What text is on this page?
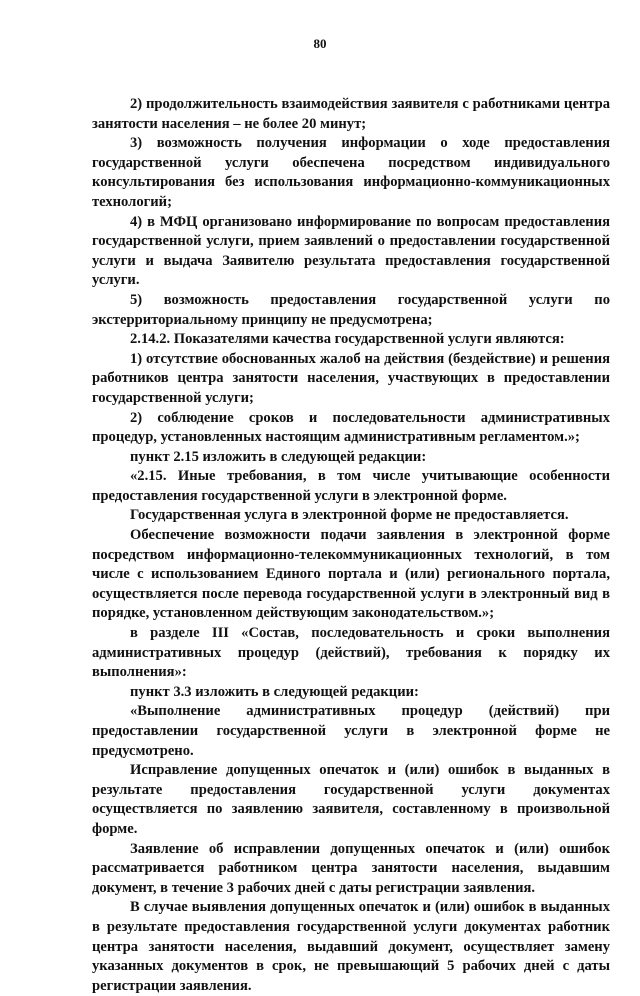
80

2) продолжительность взаимодействия заявителя с работниками центра занятости населения – не более 20 минут;

3) возможность получения информации о ходе предоставления государственной услуги обеспечена посредством индивидуального консультирования без использования информационно-коммуникационных технологий;

4) в МФЦ организовано информирование по вопросам предоставления государственной услуги, прием заявлений о предоставлении государственной услуги и выдача Заявителю результата предоставления государственной услуги.

5) возможность предоставления государственной услуги по экстерриториальному принципу не предусмотрена;

2.14.2. Показателями качества государственной услуги являются:

1) отсутствие обоснованных жалоб на действия (бездействие) и решения работников центра занятости населения, участвующих в предоставлении государственной услуги;

2) соблюдение сроков и последовательности административных процедур, установленных настоящим административным регламентом.»;

пункт 2.15 изложить в следующей редакции:

«2.15. Иные требования, в том числе учитывающие особенности предоставления государственной услуги в электронной форме.

Государственная услуга в электронной форме не предоставляется.

Обеспечение возможности подачи заявления в электронной форме посредством информационно-телекоммуникационных технологий, в том числе с использованием Единого портала и (или) регионального портала, осуществляется после перевода государственной услуги в электронный вид в порядке, установленном действующим законодательством.»;

в разделе III «Состав, последовательность и сроки выполнения административных процедур (действий), требования к порядку их выполнения»:

пункт 3.3 изложить в следующей редакции:

«Выполнение административных процедур (действий) при предоставлении государственной услуги в электронной форме не предусмотрено.

Исправление допущенных опечаток и (или) ошибок в выданных в результате предоставления государственной услуги документах осуществляется по заявлению заявителя, составленному в произвольной форме.

Заявление об исправлении допущенных опечаток и (или) ошибок рассматривается работником центра занятости населения, выдавшим документ, в течение 3 рабочих дней с даты регистрации заявления.

В случае выявления допущенных опечаток и (или) ошибок в выданных в результате предоставления государственной услуги документах работник центра занятости населения, выдавший документ, осуществляет замену указанных документов в срок, не превышающий 5 рабочих дней с даты регистрации заявления.
